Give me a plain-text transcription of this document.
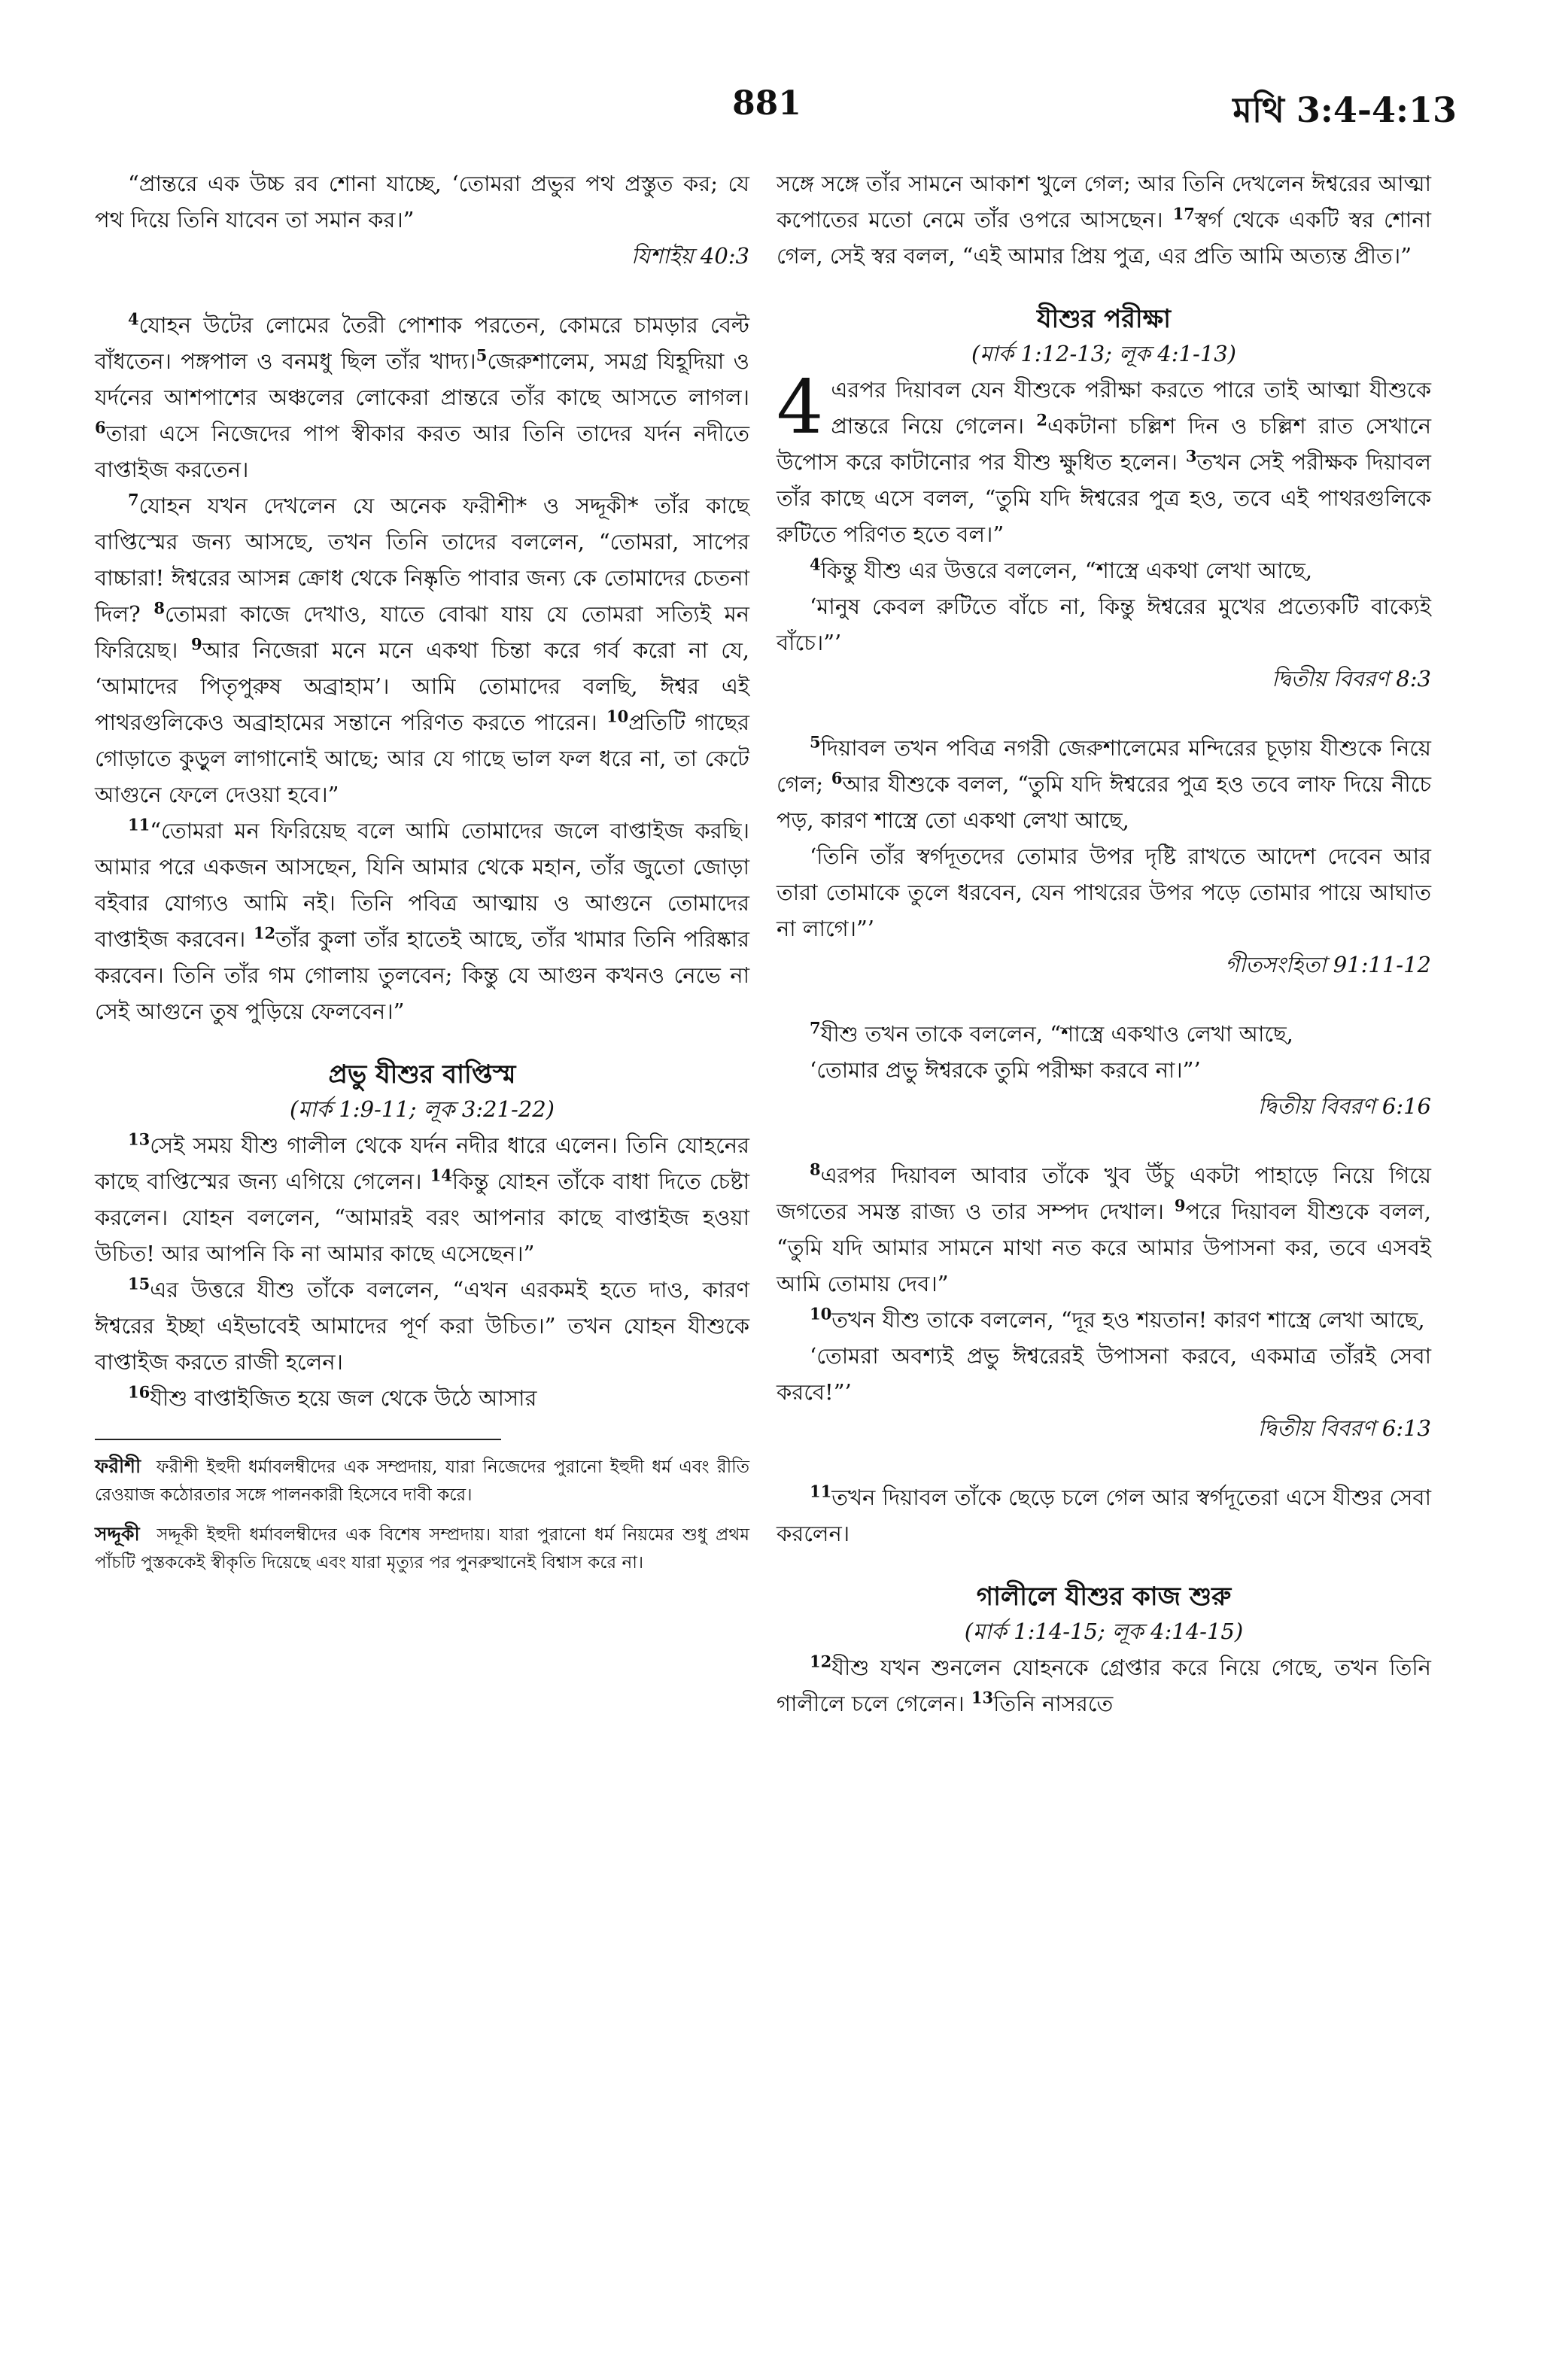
881	মথি 3:4-4:13

“প্রান্তরে এক উচ্চ রব শোনা যাচ্ছে, ‘তোমরা প্রভুর পথ প্রস্তুত কর; যে পথ দিয়ে তিনি যাবেন তা সমান কর।”

যিশাইয় 40:3

$^4$যোহন উটের লোমের তৈরী পোশাক পরতেন, কোমরে চামড়ার বেল্ট বাঁধতেন। পঙ্গপাল ও বনমধু ছিল তাঁর খাদ্য।$^5$জেরুশালেম, সমগ্র যিহূদিয়া ও যর্দনের আশপাশের অঞ্চলের লোকেরা প্রান্তরে তাঁর কাছে আসতে লাগল। $^6$তারা এসে নিজেদের পাপ স্বীকার করত আর তিনি তাদের যর্দন নদীতে বাপ্তাইজ করতেন।

$^7$যোহন যখন দেখলেন যে অনেক ফরীশী* ও সদ্দূকী* তাঁর কাছে বাপ্তিস্মের জন্য আসছে, তখন তিনি তাদের বললেন, “তোমরা, সাপের বাচ্চারা! ঈশ্বরের আসন্ন ক্রোধ থেকে নিষ্কৃতি পাবার জন্য কে তোমাদের চেতনা দিল? $^8$তোমরা কাজে দেখাও, যাতে বোঝা যায় যে তোমরা সত্যিই মন ফিরিয়েছ। $^9$আর নিজেরা মনে মনে একথা চিন্তা করে গর্ব করো না যে, ‘আমাদের পিতৃপুরুষ অব্রাহাম’। আমি তোমাদের বলছি, ঈশ্বর এই পাথরগুলিকেও অব্রাহামের সন্তানে পরিণত করতে পারেন। $^{10}$প্রতিটি গাছের গোড়াতে কুড়ুল লাগানোই আছে; আর যে গাছে ভাল ফল ধরে না, তা কেটে আগুনে ফেলে দেওয়া হবে।”

$^{11}$“তোমরা মন ফিরিয়েছ বলে আমি তোমাদের জলে বাপ্তাইজ করছি। আমার পরে একজন আসছেন, যিনি আমার থেকে মহান, তাঁর জুতো জোড়া বইবার যোগ্যও আমি নই। তিনি পবিত্র আত্মায় ও আগুনে তোমাদের বাপ্তাইজ করবেন। $^{12}$তাঁর কুলা তাঁর হাতেই আছে, তাঁর খামার তিনি পরিষ্কার করবেন। তিনি তাঁর গম গোলায় তুলবেন; কিন্তু যে আগুন কখনও নেভে না সেই আগুনে তুষ পুড়িয়ে ফেলবেন।”

প্রভু যীশুর বাপ্তিস্ম
(মার্ক 1:9-11; লূক 3:21-22)

$^{13}$সেই সময় যীশু গালীল থেকে যর্দন নদীর ধারে এলেন। তিনি যোহনের কাছে বাপ্তিস্মের জন্য এগিয়ে গেলেন। $^{14}$কিন্তু যোহন তাঁকে বাধা দিতে চেষ্টা করলেন। যোহন বললেন, “আমারই বরং আপনার কাছে বাপ্তাইজ হওয়া উচিত! আর আপনি কি না আমার কাছে এসেছেন।”

$^{15}$এর উত্তরে যীশু তাঁকে বললেন, “এখন এরকমই হতে দাও, কারণ ঈশ্বরের ইচ্ছা এইভাবেই আমাদের পূর্ণ করা উচিত।” তখন যোহন যীশুকে বাপ্তাইজ করতে রাজী হলেন।

$^{16}$যীশু বাপ্তাইজিত হয়ে জল থেকে উঠে আসার

ফরীশী ফরীশী ইহুদী ধর্মাবলম্বীদের এক সম্প্রদায়, যারা নিজেদের পুরানো ইহুদী ধর্ম এবং রীতি রেওয়াজ কঠোরতার সঙ্গে পালনকারী হিসেবে দাবী করে।
সদ্দূকী সদ্দূকী ইহুদী ধর্মাবলম্বীদের এক বিশেষ সম্প্রদায়। যারা পুরানো ধর্ম নিয়মের শুধু প্রথম পাঁচটি পুস্তককেই স্বীকৃতি দিয়েছে এবং যারা মৃত্যুর পর পুনরুত্থানেই বিশ্বাস করে না।

সঙ্গে সঙ্গে তাঁর সামনে আকাশ খুলে গেল; আর তিনি দেখলেন ঈশ্বরের আত্মা কপোতের মতো নেমে তাঁর ওপরে আসছেন। $^{17}$স্বর্গ থেকে একটি স্বর শোনা গেল, সেই স্বর বলল, “এই আমার প্রিয় পুত্র, এর প্রতি আমি অত্যন্ত প্রীত।”

যীশুর পরীক্ষা
(মার্ক 1:12-13; লূক 4:1-13)

4 এরপর দিয়াবল যেন যীশুকে পরীক্ষা করতে পারে তাই আত্মা যীশুকে প্রান্তরে নিয়ে গেলেন। $^2$একটানা চল্লিশ দিন ও চল্লিশ রাত সেখানে উপোস করে কাটানোর পর যীশু ক্ষুধিত হলেন। $^3$তখন সেই পরীক্ষক দিয়াবল তাঁর কাছে এসে বলল, “তুমি যদি ঈশ্বরের পুত্র হও, তবে এই পাথরগুলিকে রুটিতে পরিণত হতে বল।”

$^4$কিন্তু যীশু এর উত্তরে বললেন, “শাস্ত্রে একথা লেখা আছে,

‘মানুষ কেবল রুটিতে বাঁচে না, কিন্তু ঈশ্বরের মুখের প্রত্যেকটি বাক্যেই বাঁচে।”’

দ্বিতীয় বিবরণ 8:3

$^5$দিয়াবল তখন পবিত্র নগরী জেরুশালেমের মন্দিরের চূড়ায় যীশুকে নিয়ে গেল; $^6$আর যীশুকে বলল, “তুমি যদি ঈশ্বরের পুত্র হও তবে লাফ দিয়ে নীচে পড়, কারণ শাস্ত্রে তো একথা লেখা আছে,

‘তিনি তাঁর স্বর্গদূতদের তোমার উপর দৃষ্টি রাখতে আদেশ দেবেন আর তারা তোমাকে তুলে ধরবেন, যেন পাথরের উপর পড়ে তোমার পায়ে আঘাত না লাগে।”’

গীতসংহিতা 91:11-12

$^7$যীশু তখন তাকে বললেন, “শাস্ত্রে একথাও লেখা আছে,

‘তোমার প্রভু ঈশ্বরকে তুমি পরীক্ষা করবে না।”’

দ্বিতীয় বিবরণ 6:16

$^8$এরপর দিয়াবল আবার তাঁকে খুব উঁচু একটা পাহাড়ে নিয়ে গিয়ে জগতের সমস্ত রাজ্য ও তার সম্পদ দেখাল। $^9$পরে দিয়াবল যীশুকে বলল, “তুমি যদি আমার সামনে মাথা নত করে আমার উপাসনা কর, তবে এসবই আমি তোমায় দেব।”

$^{10}$তখন যীশু তাকে বললেন, “দূর হও শয়তান! কারণ শাস্ত্রে লেখা আছে,

‘তোমরা অবশ্যই প্রভু ঈশ্বরেরই উপাসনা করবে, একমাত্র তাঁরই সেবা করবে!”’

দ্বিতীয় বিবরণ 6:13

$^{11}$তখন দিয়াবল তাঁকে ছেড়ে চলে গেল আর স্বর্গদূতেরা এসে যীশুর সেবা করলেন।

গালীলে যীশুর কাজ শুরু
(মার্ক 1:14-15; লূক 4:14-15)

$^{12}$যীশু যখন শুনলেন যোহনকে গ্রেপ্তার করে নিয়ে গেছে, তখন তিনি গালীলে চলে গেলেন। $^{13}$তিনি নাসরতে
